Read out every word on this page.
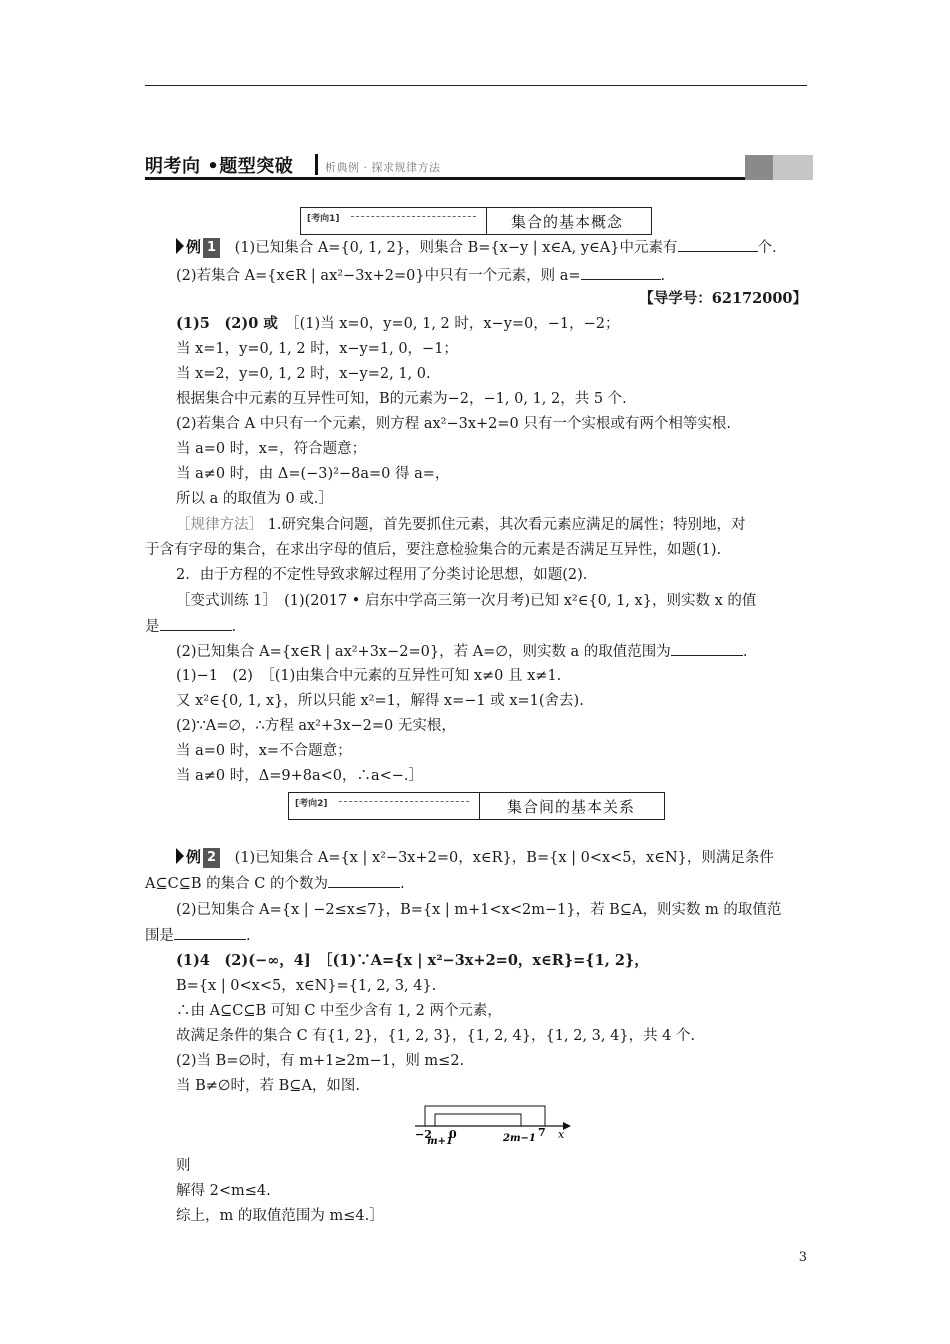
明考向 •题型突破	析典例 · 探求规律方法
[考向1]	集合的基本概念
例 1 (1)已知集合 A={0, 1, 2}，则集合 B={x−y | x∈A, y∈A}中元素有	个.
(2)若集合 A={x∈R | ax²−3x+2=0}中只有一个元素，则 a=	.
【导学号：62172000】
(1)5　(2)0 或　 ［(1)当 x=0，y=0, 1, 2 时，x−y=0，−1，−2；
当 x=1，y=0, 1, 2 时，x−y=1, 0，−1；
当 x=2，y=0, 1, 2 时，x−y=2, 1, 0.
根据集合中元素的互异性可知，B的元素为−2，−1, 0, 1, 2，共 5 个.
(2)若集合 A 中只有一个元素，则方程 ax²−3x+2=0 只有一个实根或有两个相等实根.
当 a=0 时，x=，符合题意；
当 a≠0 时，由 Δ=(−3)²−8a=0 得 a=，
所以 a 的取值为 0 或.］
［规律方法］ 1.研究集合问题，首先要抓住元素，其次看元素应满足的属性；特别地，对
于含有字母的集合，在求出字母的值后，要注意检验集合的元素是否满足互异性，如题(1).
2．由于方程的不定性导致求解过程用了分类讨论思想，如题(2).
［变式训练 1］　(1)(2017 • 启东中学高三第一次月考)已知 x²∈{0, 1, x}，则实数 x 的值
是	.
(2)已知集合 A={x∈R | ax²+3x−2=0}，若 A=∅，则实数 a 的取值范围为	.
(1)−1　(2)　［(1)由集合中元素的互异性可知 x≠0 且 x≠1.
又 x²∈{0, 1, x}，所以只能 x²=1，解得 x=−1 或 x=1(舍去).
(2)∵A=∅，∴方程 ax²+3x−2=0 无实根，
当 a=0 时，x=不合题意；
当 a≠0 时，Δ=9+8a<0，∴a<−.］
[考向2]	集合间的基本关系
例 2 (1)已知集合 A={x | x²−3x+2=0，x∈R}，B={x | 0<x<5，x∈N}，则满足条件
A⊆C⊆B 的集合 C 的个数为	.
(2)已知集合 A={x | −2≤x≤7}，B={x | m+1<x<2m−1}，若 B⊆A，则实数 m 的取值范
围是	.
(1)4　(2)(−∞，4]　［(1)∵A={x | x²−3x+2=0，x∈R}={1, 2}，
B={x | 0<x<5，x∈N}={1, 2, 3, 4}.
∴由 A⊆C⊆B 可知 C 中至少含有 1, 2 两个元素，
故满足条件的集合 C 有{1, 2}，{1, 2, 3}，{1, 2, 4}，{1, 2, 3, 4}，共 4 个.
(2)当 B=∅时，有 m+1≥2m−1，则 m≤2.
当 B≠∅时，若 B⊆A，如图.
−2
m+1
0	2m−1 7 x
则
解得 2<m≤4.
综上，m 的取值范围为 m≤4.］
3
